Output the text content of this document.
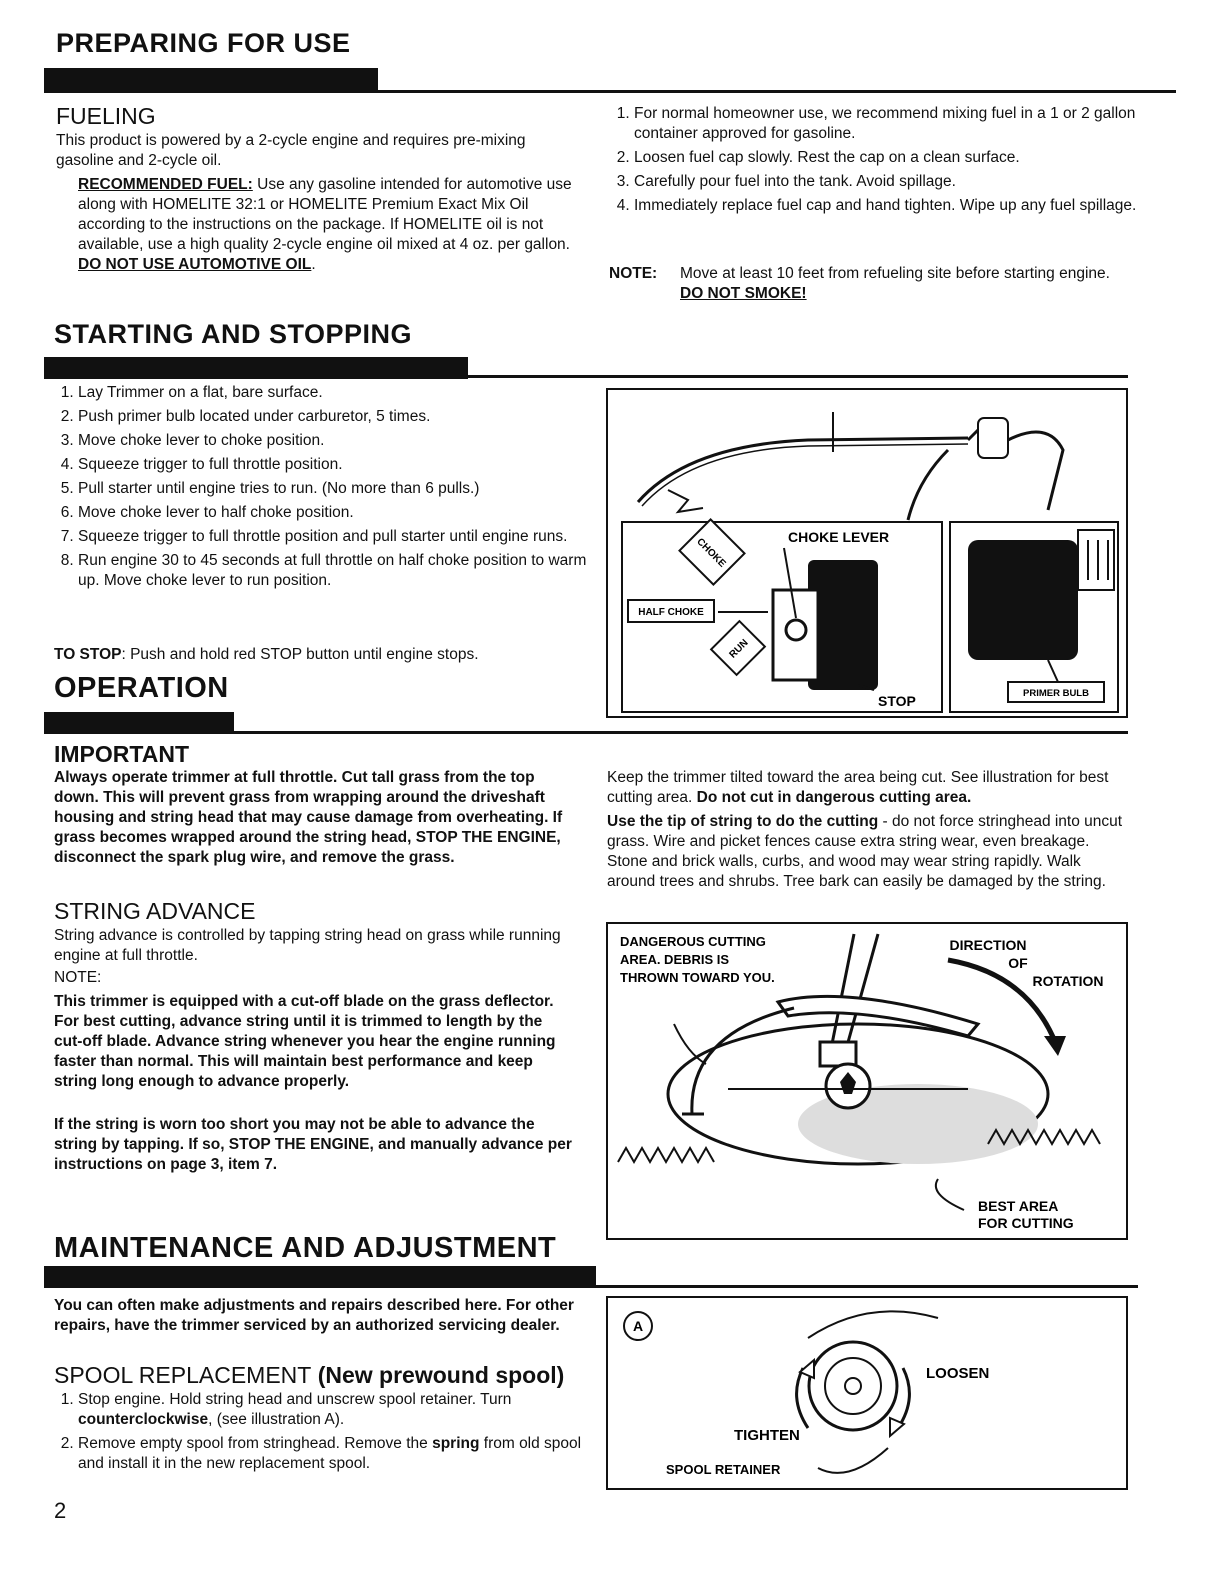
PREPARING FOR USE
FUELING
This product is powered by a 2-cycle engine and requires pre-mixing gasoline and 2-cycle oil.
RECOMMENDED FUEL: Use any gasoline intended for automotive use along with HOMELITE 32:1 or HOMELITE Premium Exact Mix Oil according to the instructions on the package. If HOMELITE oil is not available, use a high quality 2-cycle engine oil mixed at 4 oz. per gallon.
DO NOT USE AUTOMOTIVE OIL.
1. For normal homeowner use, we recommend mixing fuel in a 1 or 2 gallon container approved for gasoline.
2. Loosen fuel cap slowly. Rest the cap on a clean surface.
3. Carefully pour fuel into the tank. Avoid spillage.
4. Immediately replace fuel cap and hand tighten. Wipe up any fuel spillage.
NOTE: Move at least 10 feet from refueling site before starting engine. DO NOT SMOKE!
STARTING AND STOPPING
1. Lay Trimmer on a flat, bare surface.
2. Push primer bulb located under carburetor, 5 times.
3. Move choke lever to choke position.
4. Squeeze trigger to full throttle position.
5. Pull starter until engine tries to run. (No more than 6 pulls.)
6. Move choke lever to half choke position.
7. Squeeze trigger to full throttle position and pull starter until engine runs.
8. Run engine 30 to 45 seconds at full throttle on half choke position to warm up. Move choke lever to run position.
TO STOP: Push and hold red STOP button until engine stops.
CHOKE
RUN
HALF CHOKE
CHOKE LEVER
STOP	PRIMER BULB
OPERATION
IMPORTANT
Always operate trimmer at full throttle. Cut tall grass from the top down. This will prevent grass from wrapping around the driveshaft housing and string head that may cause damage from overheating. If grass becomes wrapped around the string head, STOP THE ENGINE, disconnect the spark plug wire, and remove the grass.
STRING ADVANCE
String advance is controlled by tapping string head on grass while running engine at full throttle.
NOTE:
This trimmer is equipped with a cut-off blade on the grass deflector. For best cutting, advance string until it is trimmed to length by the cut-off blade. Advance string whenever you hear the engine running faster than normal. This will maintain best performance and keep string long enough to advance properly.
If the string is worn too short you may not be able to advance the string by tapping. If so, STOP THE ENGINE, and manually advance per instructions on page 3, item 7.
Keep the trimmer tilted toward the area being cut. See illustration for best cutting area. Do not cut in dangerous cutting area.
Use the tip of string to do the cutting - do not force stringhead into uncut grass. Wire and picket fences cause extra string wear, even breakage. Stone and brick walls, curbs, and wood may wear string rapidly. Walk around trees and shrubs. Tree bark can easily be damaged by the string.
DANGEROUS CUTTING
AREA. DEBRIS IS
THROWN TOWARD YOU.
DIRECTION
OF
ROTATION
BEST AREA
FOR CUTTING
MAINTENANCE AND ADJUSTMENT
You can often make adjustments and repairs described here. For other repairs, have the trimmer serviced by an authorized servicing dealer.
SPOOL REPLACEMENT (New prewound spool)
1. Stop engine. Hold string head and unscrew spool retainer. Turn counterclockwise, (see illustration A).
2. Remove empty spool from stringhead. Remove the spring from old spool and install it in the new replacement spool.
A
LOOSEN
TIGHTEN
SPOOL RETAINER
2
